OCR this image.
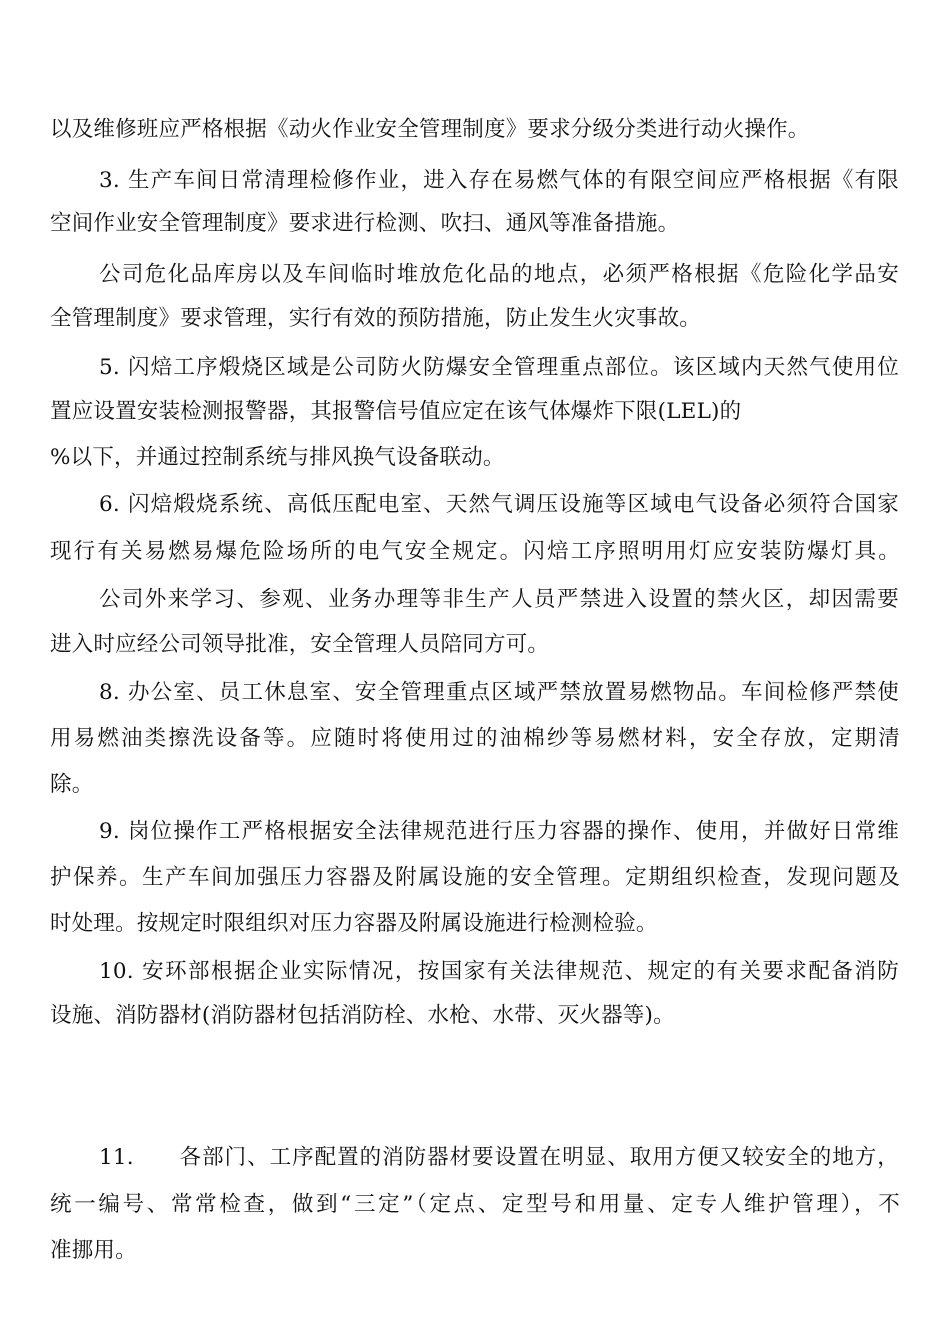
以及维修班应严格根据《动火作业安全管理制度》要求分级分类进行动火操作。
3. 生产车间日常清理检修作业，进入存在易燃气体的有限空间应严格根据《有限
空间作业安全管理制度》要求进行检测、吹扫、通风等准备措施。
公司危化品库房以及车间临时堆放危化品的地点，必须严格根据《危险化学品安
全管理制度》要求管理，实行有效的预防措施，防止发生火灾事故。
5. 闪焙工序煅烧区域是公司防火防爆安全管理重点部位。该区域内天然气使用位
置应设置安装检测报警器，其报警信号值应定在该气体爆炸下限(LEL)的
%以下，并通过控制系统与排风换气设备联动。
6. 闪焙煅烧系统、高低压配电室、天然气调压设施等区域电气设备必须符合国家
现行有关易燃易爆危险场所的电气安全规定。闪焙工序照明用灯应安装防爆灯具。
公司外来学习、参观、业务办理等非生产人员严禁进入设置的禁火区，却因需要
进入时应经公司领导批准，安全管理人员陪同方可。
8. 办公室、员工休息室、安全管理重点区域严禁放置易燃物品。车间检修严禁使
用易燃油类擦洗设备等。应随时将使用过的油棉纱等易燃材料，安全存放，定期清
除。
9. 岗位操作工严格根据安全法律规范进行压力容器的操作、使用，并做好日常维
护保养。生产车间加强压力容器及附属设施的安全管理。定期组织检查，发现问题及
时处理。按规定时限组织对压力容器及附属设施进行检测检验。
10. 安环部根据企业实际情况，按国家有关法律规范、规定的有关要求配备消防
设施、消防器材(消防器材包括消防栓、水枪、水带、灭火器等)。
11.　　各部门、工序配置的消防器材要设置在明显、取用方便又较安全的地方，
统一编号、常常检查，做到“三定”（定点、定型号和用量、定专人维护管理），不
准挪用。
